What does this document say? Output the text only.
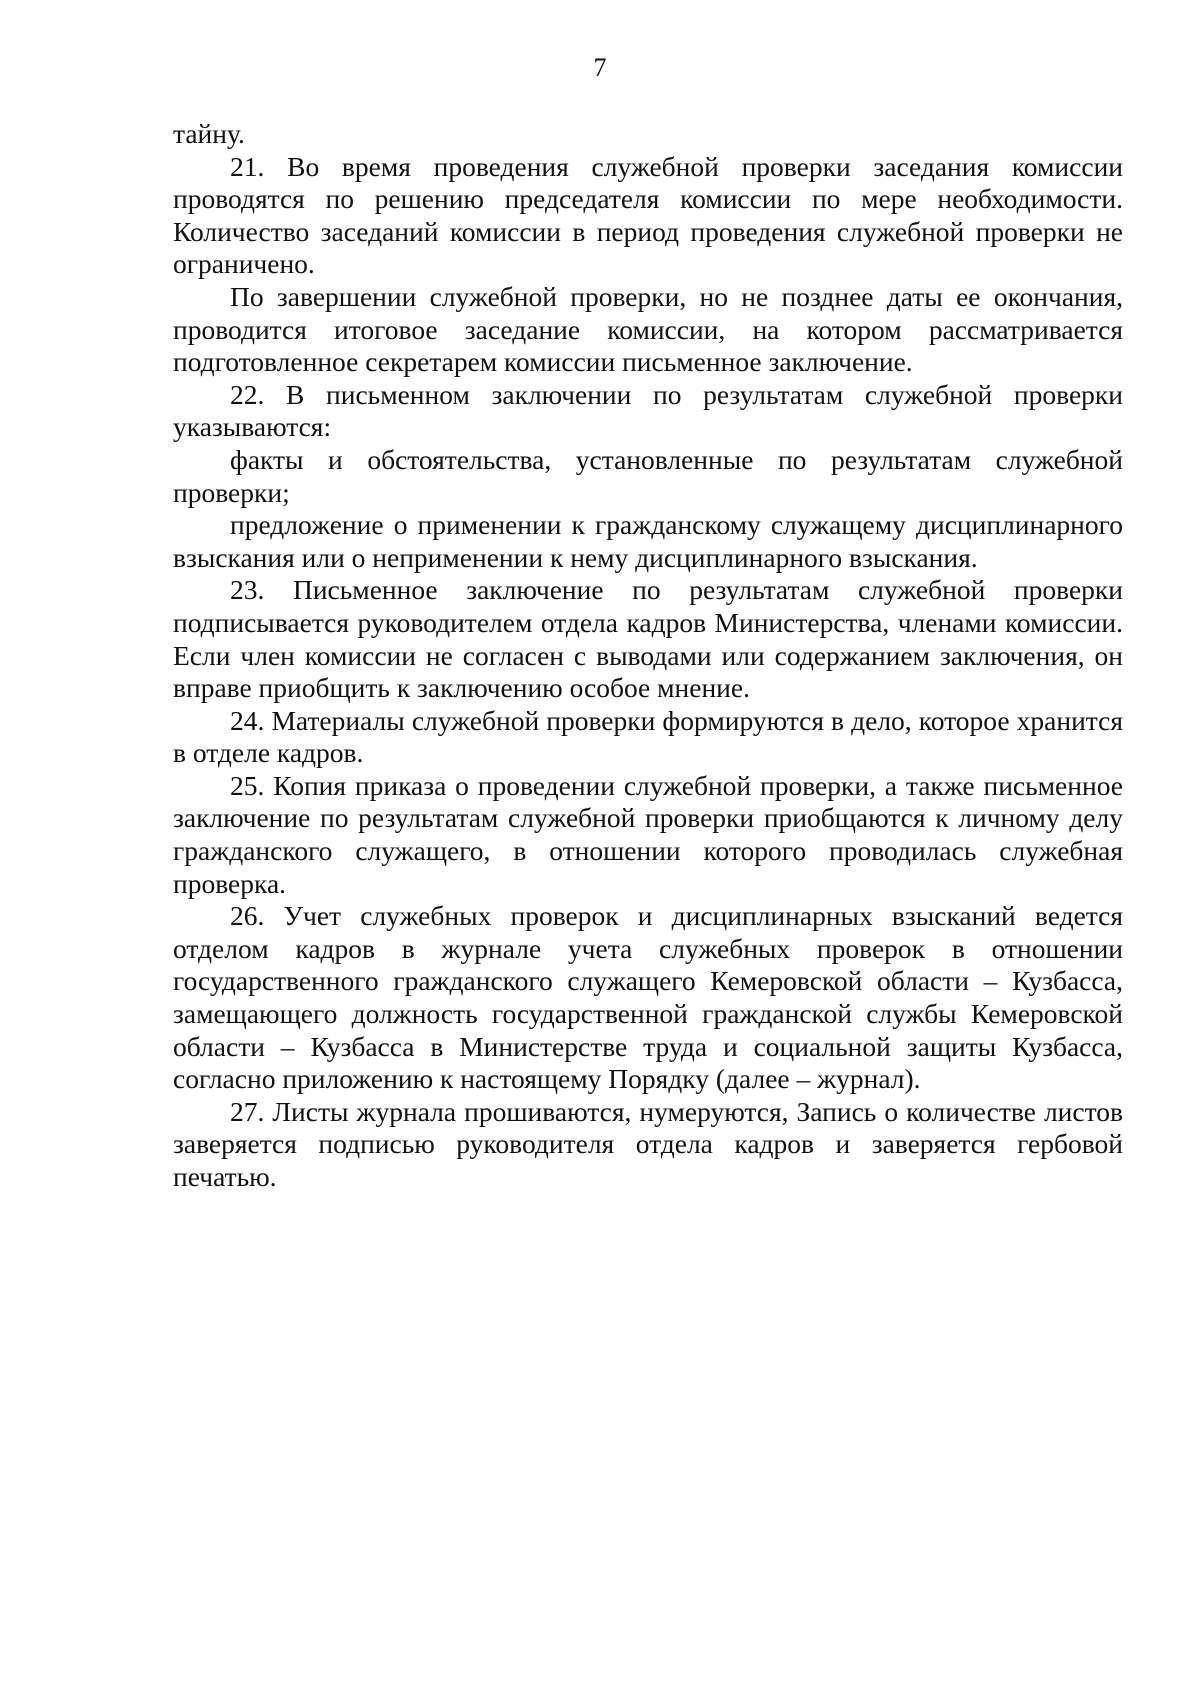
7

тайну.

21. Во время проведения служебной проверки заседания комиссии проводятся по решению председателя комиссии по мере необходимости. Количество заседаний комиссии в период проведения служебной проверки не ограничено.

По завершении служебной проверки, но не позднее даты ее окончания, проводится итоговое заседание комиссии, на котором рассматривается подготовленное секретарем комиссии письменное заключение.

22. В письменном заключении по результатам служебной проверки указываются:

факты и обстоятельства, установленные по результатам служебной проверки;

предложение о применении к гражданскому служащему дисциплинарного взыскания или о неприменении к нему дисциплинарного взыскания.

23. Письменное заключение по результатам служебной проверки подписывается руководителем отдела кадров Министерства, членами комиссии. Если член комиссии не согласен с выводами или содержанием заключения, он вправе приобщить к заключению особое мнение.

24. Материалы служебной проверки формируются в дело, которое хранится в отделе кадров.

25. Копия приказа о проведении служебной проверки, а также письменное заключение по результатам служебной проверки приобщаются к личному делу гражданского служащего, в отношении которого проводилась служебная проверка.

26. Учет служебных проверок и дисциплинарных взысканий ведется отделом кадров в журнале учета служебных проверок в отношении государственного гражданского служащего Кемеровской области – Кузбасса, замещающего должность государственной гражданской службы Кемеровской области – Кузбасса в Министерстве труда и социальной защиты Кузбасса, согласно приложению к настоящему Порядку (далее – журнал).

27. Листы журнала прошиваются, нумеруются, Запись о количестве листов заверяется подписью руководителя отдела кадров и заверяется гербовой печатью.
